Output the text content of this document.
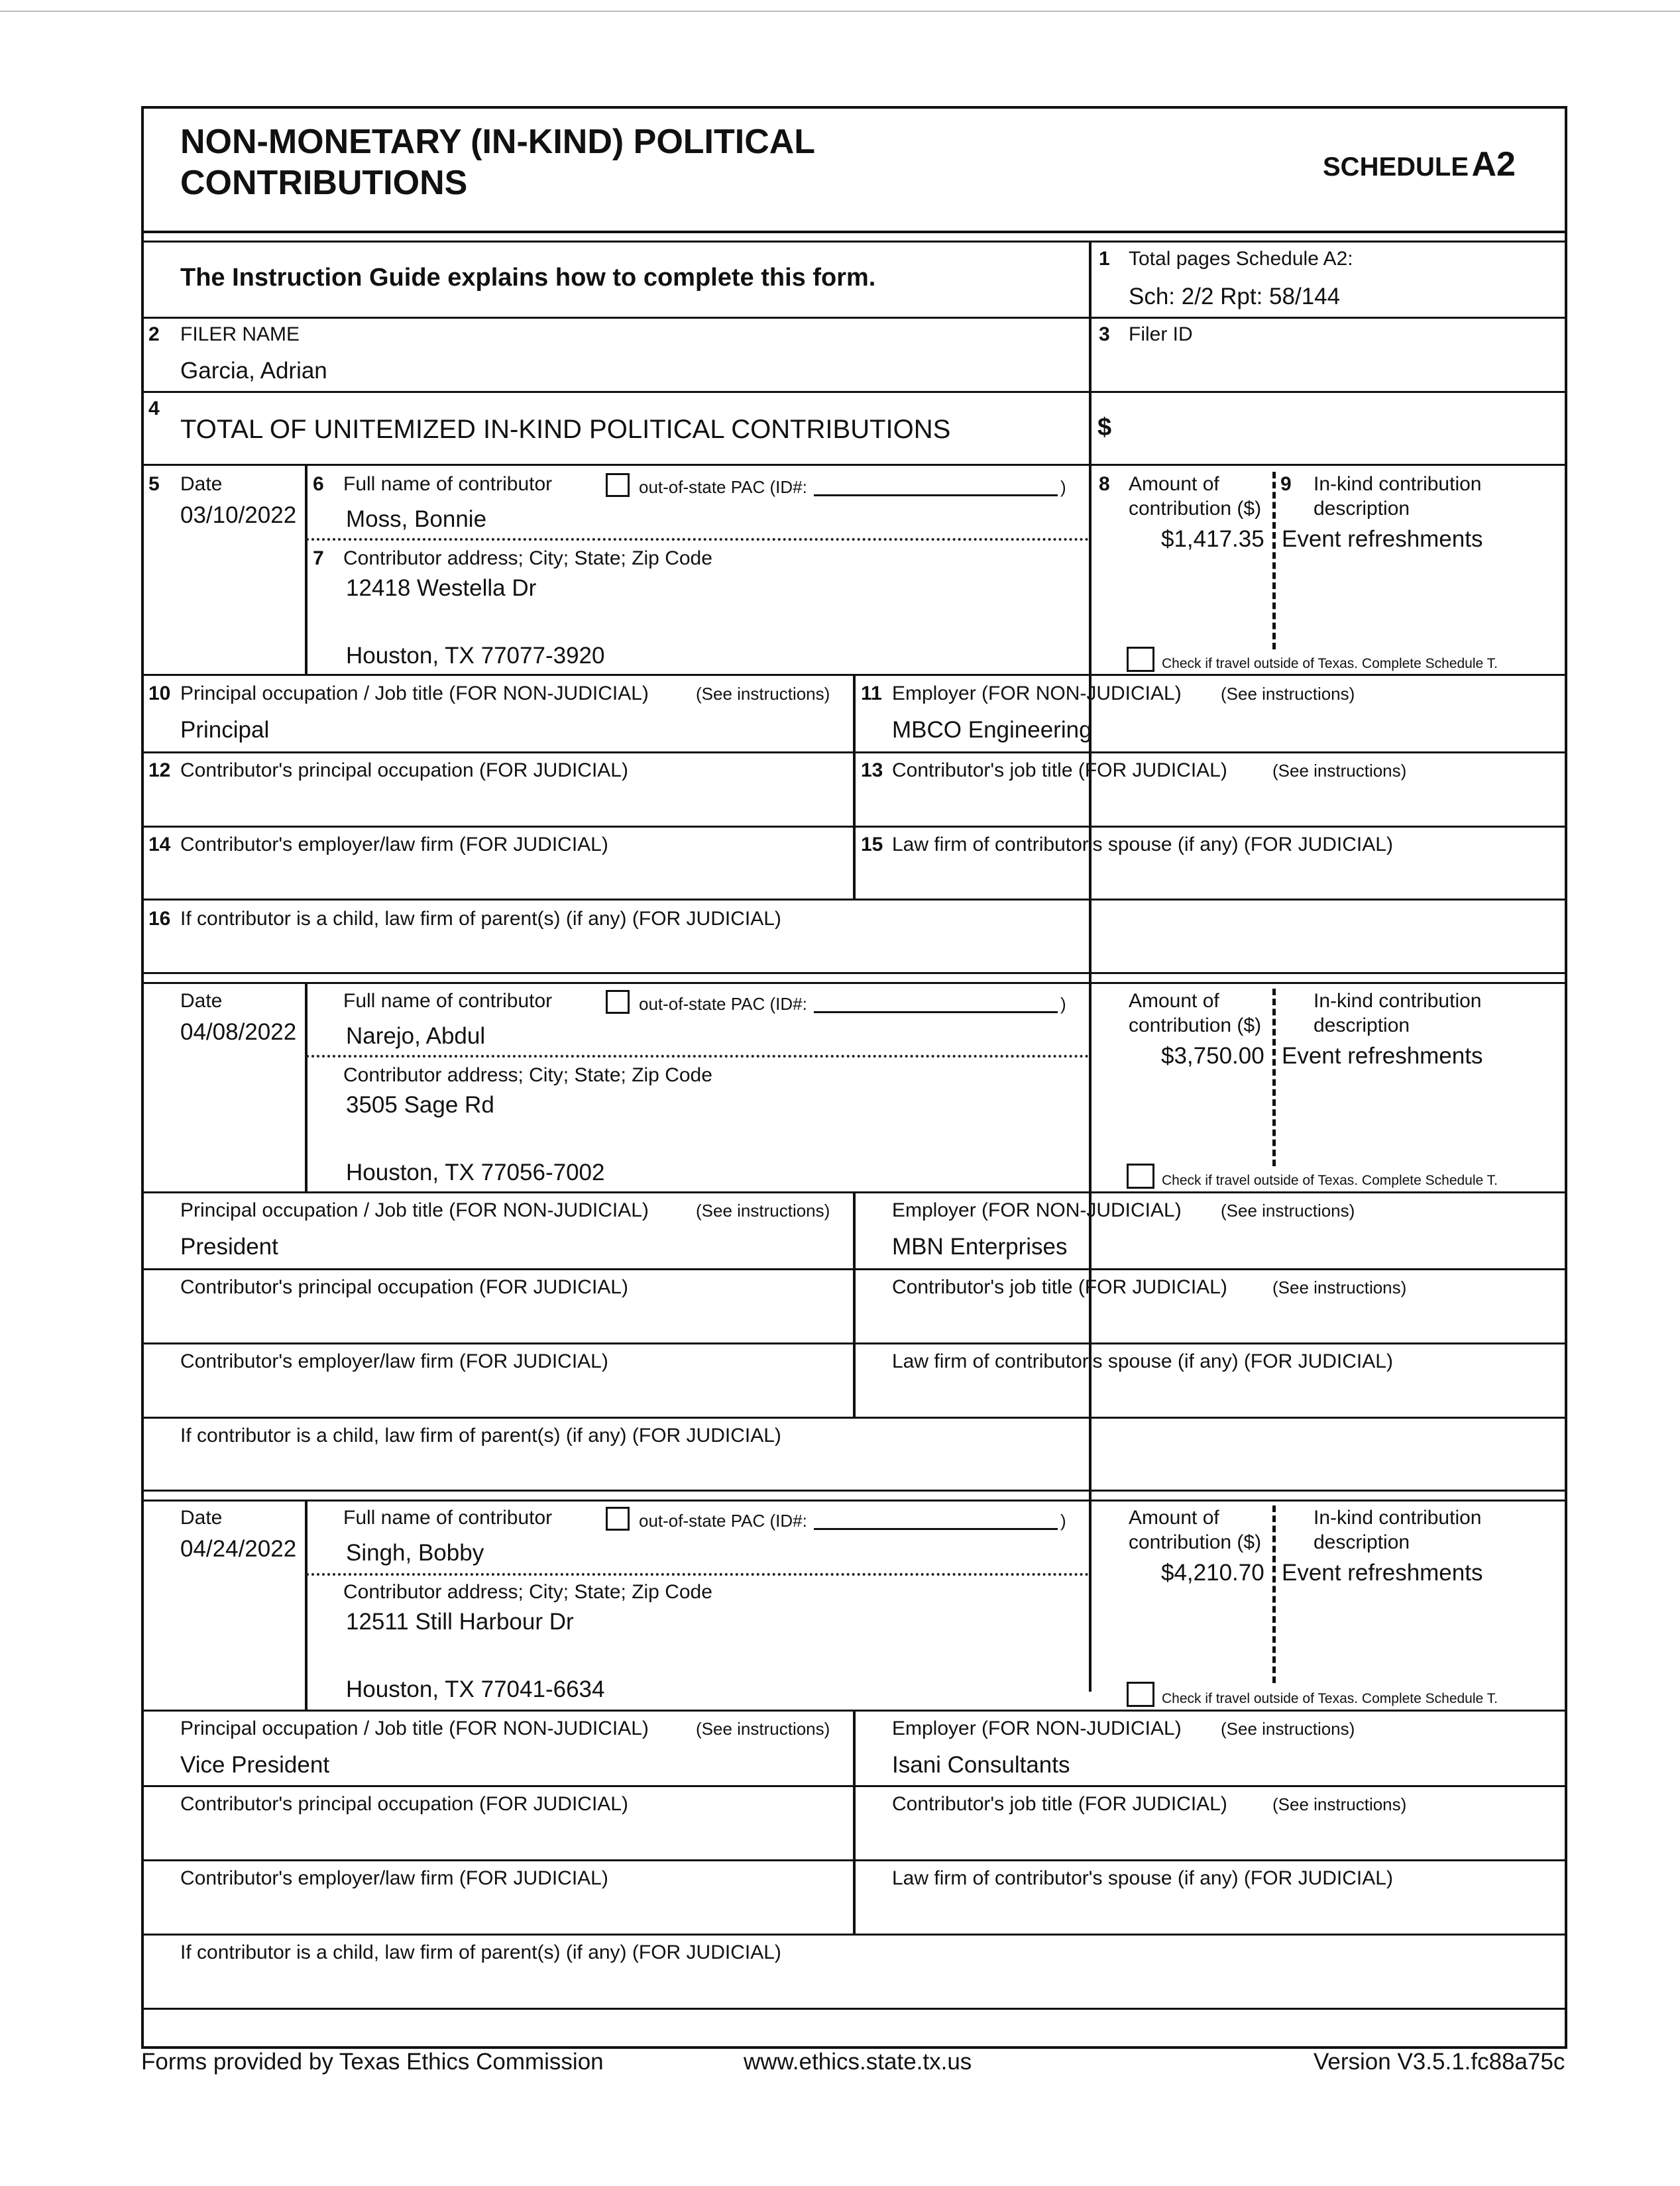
NON-MONETARY (IN-KIND) POLITICAL
CONTRIBUTIONS	SCHEDULE A2
The Instruction Guide explains how to complete this form.
1 Total pages Schedule A2:
Sch: 2/2 Rpt: 58/144
2 FILER NAME
Garcia, Adrian
3 Filer ID
4
TOTAL OF UNITEMIZED IN-KIND POLITICAL CONTRIBUTIONS	$
5 Date
03/10/2022
6 Full name of contributor	out-of-state PAC (ID#:	)
Moss, Bonnie
7 Contributor address; City; State; Zip Code
12418 Westella Dr
Houston, TX 77077-3920
8 Amount of
contribution ($)
$1,417.35
9 In-kind contribution
description
Event refreshments
Check if travel outside of Texas. Complete Schedule T.
10 Principal occupation / Job title (FOR NON-JUDICIAL)	(See instructions)
Principal
11 Employer (FOR NON-JUDICIAL) (See instructions)
MBCO Engineering
12 Contributor's principal occupation (FOR JUDICIAL)	13 Contributor's job title (FOR JUDICIAL)	(See instructions)
14 Contributor's employer/law firm (FOR JUDICIAL)	15 Law firm of contributor's spouse (if any) (FOR JUDICIAL)
16 If contributor is a child, law firm of parent(s) (if any) (FOR JUDICIAL)
Date
04/08/2022
Full name of contributor	out-of-state PAC (ID#:	)
Narejo, Abdul
Contributor address; City; State; Zip Code
3505 Sage Rd
Houston, TX 77056-7002
Amount of
contribution ($)
$3,750.00
In-kind contribution
description
Event refreshments
Check if travel outside of Texas. Complete Schedule T.
Principal occupation / Job title (FOR NON-JUDICIAL)	(See instructions)
President
Employer (FOR NON-JUDICIAL) (See instructions)
MBN Enterprises
Contributor's principal occupation (FOR JUDICIAL)	Contributor's job title (FOR JUDICIAL)	(See instructions)
Contributor's employer/law firm (FOR JUDICIAL)	Law firm of contributor's spouse (if any) (FOR JUDICIAL)
If contributor is a child, law firm of parent(s) (if any) (FOR JUDICIAL)
Date
04/24/2022
Full name of contributor	out-of-state PAC (ID#:	)
Singh, Bobby
Contributor address; City; State; Zip Code
12511 Still Harbour Dr
Houston, TX 77041-6634
Amount of
contribution ($)
$4,210.70
In-kind contribution
description
Event refreshments
Check if travel outside of Texas. Complete Schedule T.
Principal occupation / Job title (FOR NON-JUDICIAL)	(See instructions)
Vice President
Employer (FOR NON-JUDICIAL) (See instructions)
Isani Consultants
Contributor's principal occupation (FOR JUDICIAL)	Contributor's job title (FOR JUDICIAL)	(See instructions)
Contributor's employer/law firm (FOR JUDICIAL)	Law firm of contributor's spouse (if any) (FOR JUDICIAL)
If contributor is a child, law firm of parent(s) (if any) (FOR JUDICIAL)
Forms provided by Texas Ethics Commission	www.ethics.state.tx.us	Version V3.5.1.fc88a75c
